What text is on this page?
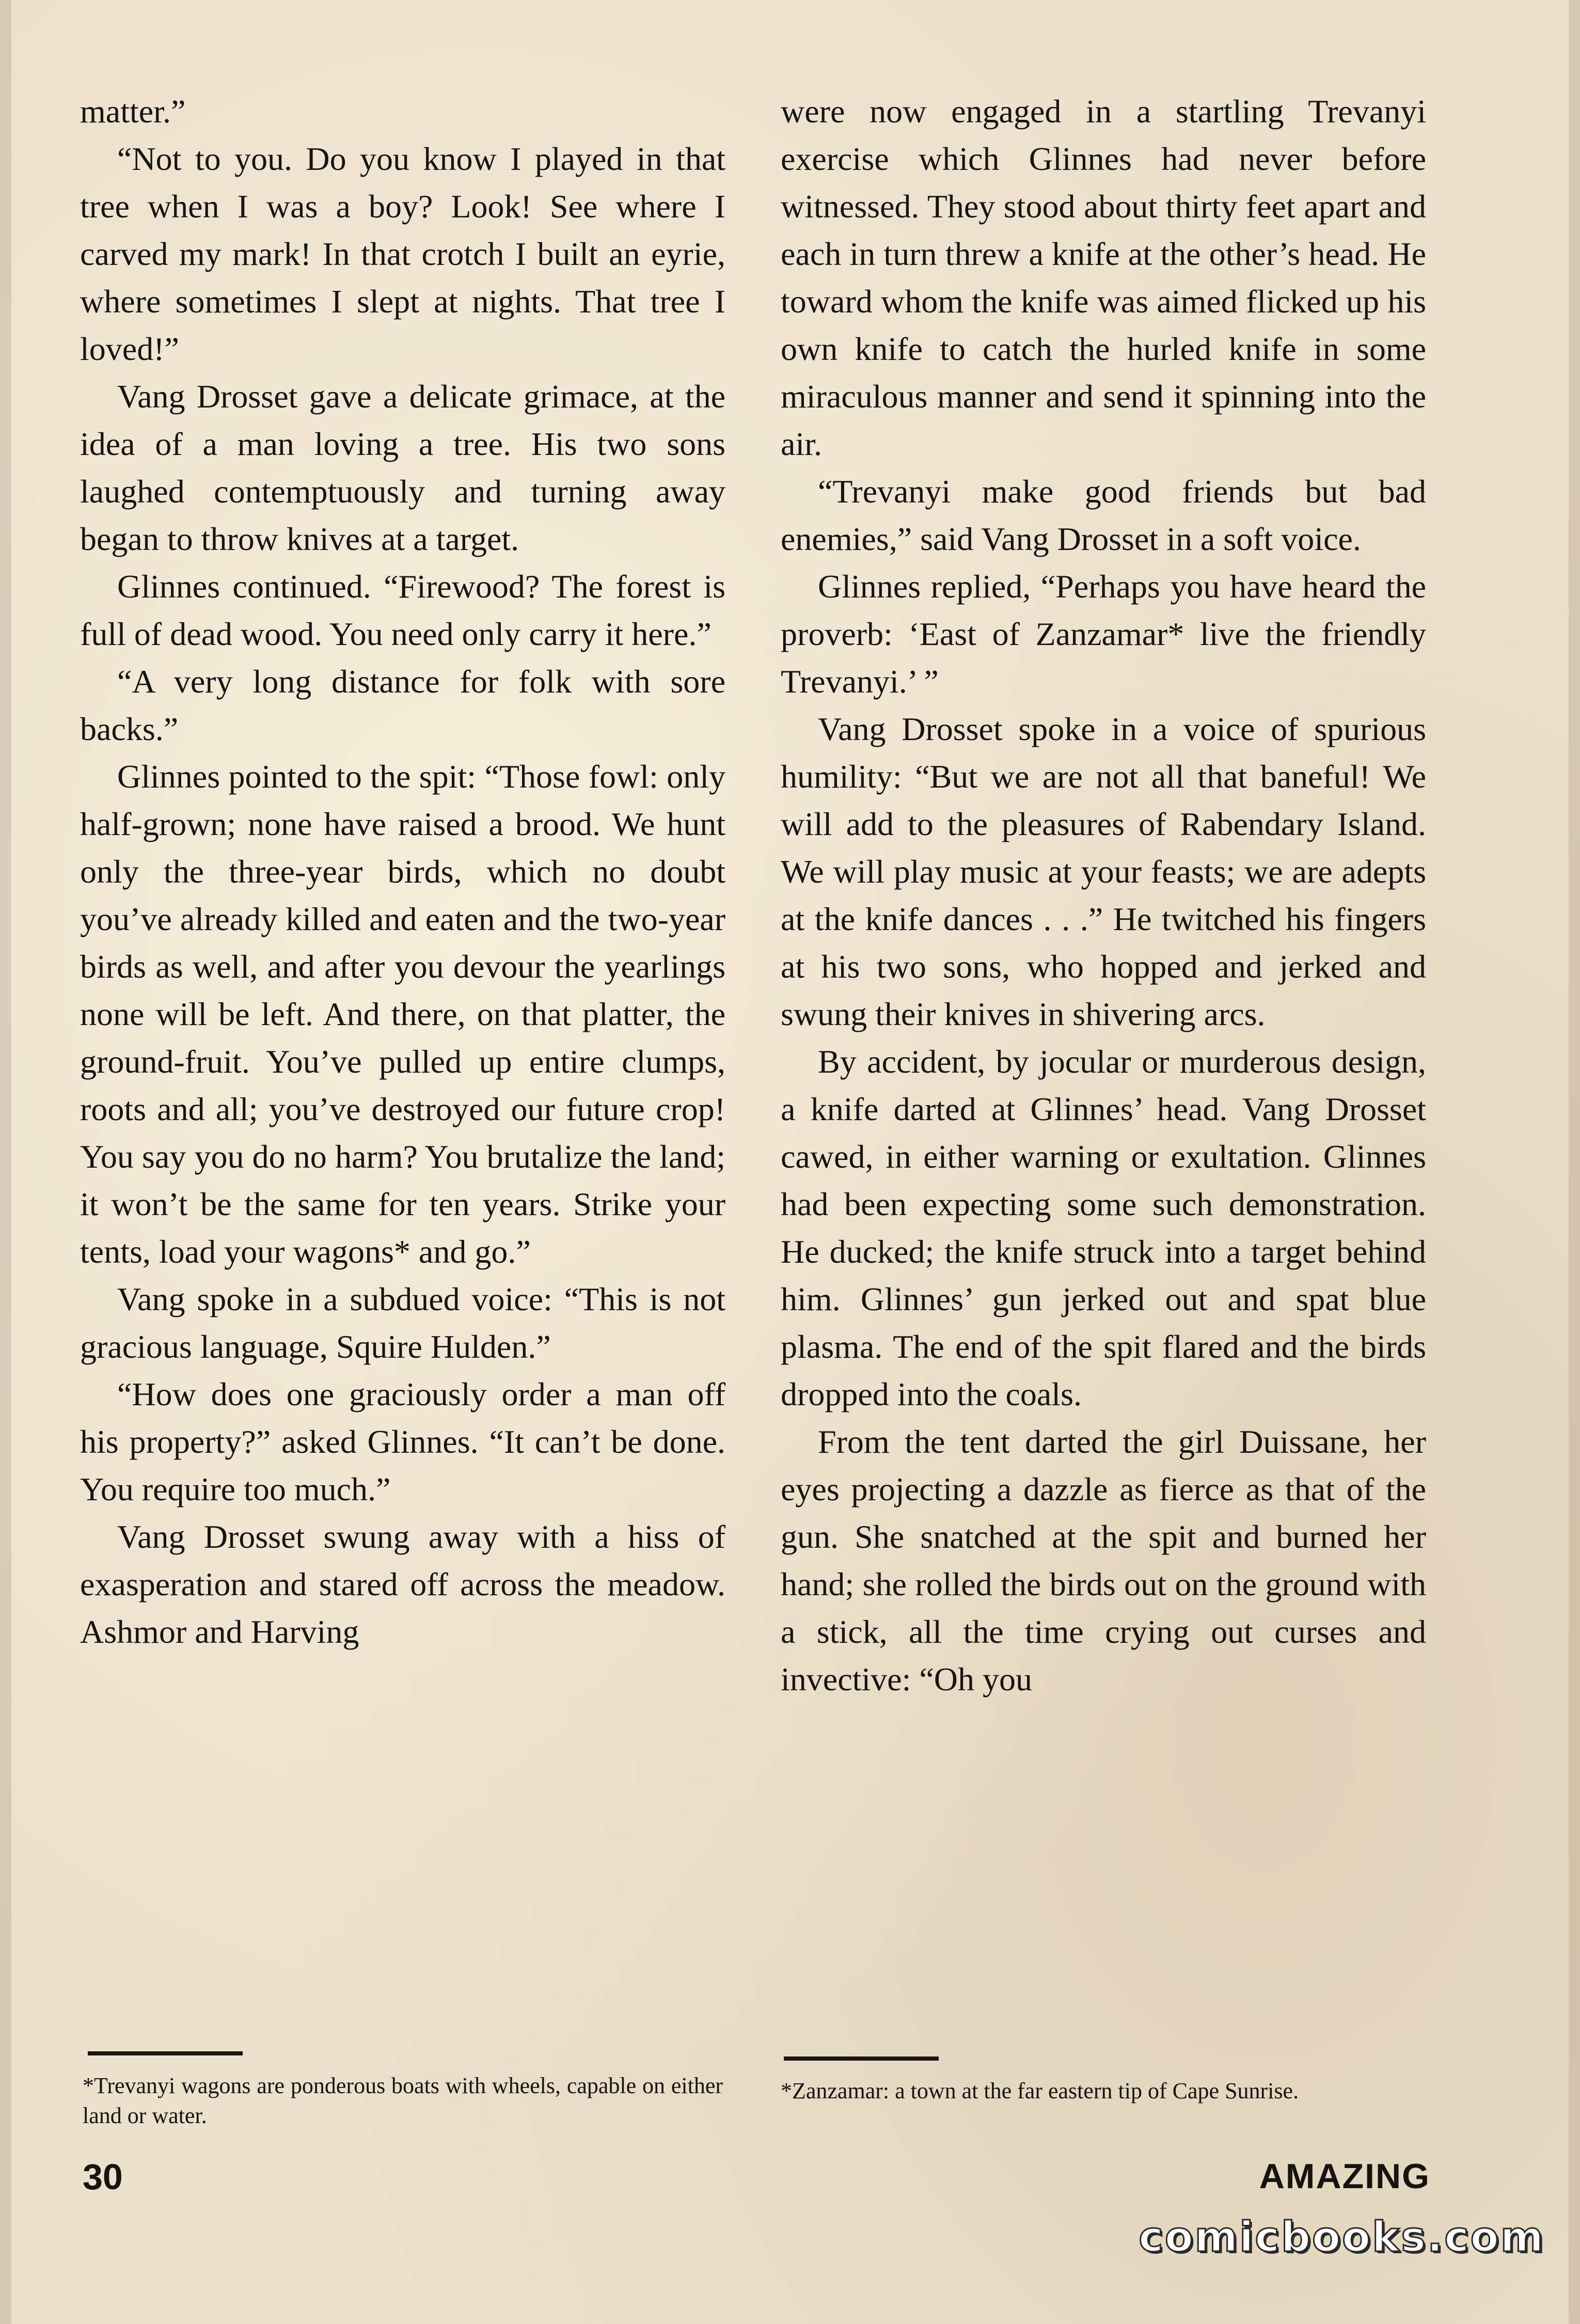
matter.”

“Not to you. Do you know I played in that tree when I was a boy? Look! See where I carved my mark! In that crotch I built an eyrie, where sometimes I slept at nights. That tree I loved!”

Vang Drosset gave a delicate grimace, at the idea of a man loving a tree. His two sons laughed contemptuously and turning away began to throw knives at a target.

Glinnes continued. “Firewood? The forest is full of dead wood. You need only carry it here.”

“A very long distance for folk with sore backs.”

Glinnes pointed to the spit: “Those fowl: only half-grown; none have raised a brood. We hunt only the three-year birds, which no doubt you’ve already killed and eaten and the two-year birds as well, and after you devour the yearlings none will be left. And there, on that platter, the ground-fruit. You’ve pulled up entire clumps, roots and all; you’ve destroyed our future crop! You say you do no harm? You brutalize the land; it won’t be the same for ten years. Strike your tents, load your wagons* and go.”

Vang spoke in a subdued voice: “This is not gracious language, Squire Hulden.”

“How does one graciously order a man off his property?” asked Glinnes. “It can’t be done. You require too much.”

Vang Drosset swung away with a hiss of exasperation and stared off across the meadow. Ashmor and Harving

were now engaged in a startling Trevanyi exercise which Glinnes had never before witnessed. They stood about thirty feet apart and each in turn threw a knife at the other’s head. He toward whom the knife was aimed flicked up his own knife to catch the hurled knife in some miraculous manner and send it spinning into the air.

“Trevanyi make good friends but bad enemies,” said Vang Drosset in a soft voice.

Glinnes replied, “Perhaps you have heard the proverb: ‘East of Zanzamar* live the friendly Trevanyi.’ ”

Vang Drosset spoke in a voice of spurious humility: “But we are not all that baneful! We will add to the pleasures of Rabendary Island. We will play music at your feasts; we are adepts at the knife dances . . .” He twitched his fingers at his two sons, who hopped and jerked and swung their knives in shivering arcs.

By accident, by jocular or murderous design, a knife darted at Glinnes’ head. Vang Drosset cawed, in either warning or exultation. Glinnes had been expecting some such demonstration. He ducked; the knife struck into a target behind him. Glinnes’ gun jerked out and spat blue plasma. The end of the spit flared and the birds dropped into the coals.

From the tent darted the girl Duissane, her eyes projecting a dazzle as fierce as that of the gun. She snatched at the spit and burned her hand; she rolled the birds out on the ground with a stick, all the time crying out curses and invective: “Oh you

*Trevanyi wagons are ponderous boats with wheels, capable on either land or water.

*Zanzamar: a town at the far eastern tip of Cape Sunrise.

30	AMAZING
comicbooks.com
